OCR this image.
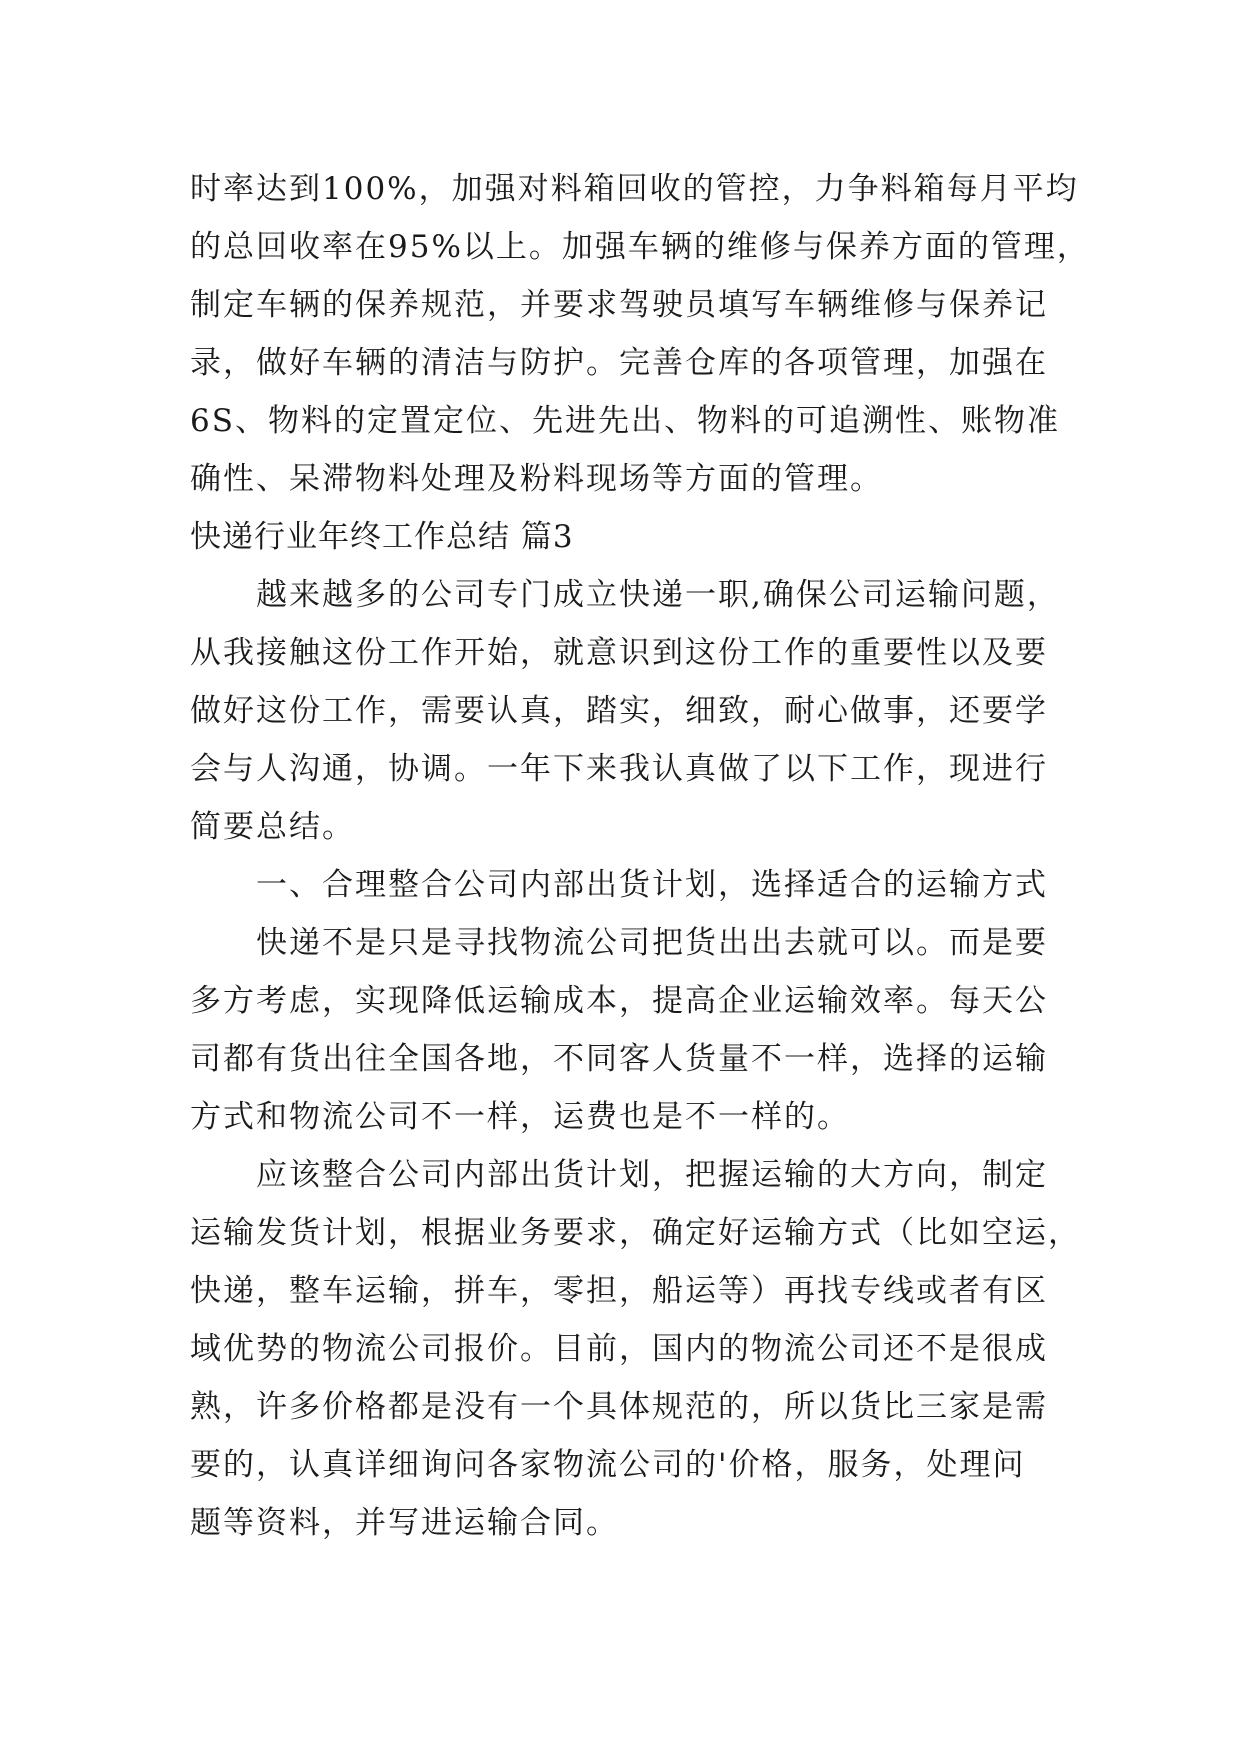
时率达到100%，加强对料箱回收的管控，力争料箱每月平均
的总回收率在95%以上。加强车辆的维修与保养方面的管理，
制定车辆的保养规范，并要求驾驶员填写车辆维修与保养记
录，做好车辆的清洁与防护。完善仓库的各项管理，加强在
6S、物料的定置定位、先进先出、物料的可追溯性、账物准
确性、呆滞物料处理及粉料现场等方面的管理。
快递行业年终工作总结 篇3
　　越来越多的公司专门成立快递一职,确保公司运输问题，
从我接触这份工作开始，就意识到这份工作的重要性以及要
做好这份工作，需要认真，踏实，细致，耐心做事，还要学
会与人沟通，协调。一年下来我认真做了以下工作，现进行
简要总结。
　　一、合理整合公司内部出货计划，选择适合的运输方式
　　快递不是只是寻找物流公司把货出出去就可以。而是要
多方考虑，实现降低运输成本，提高企业运输效率。每天公
司都有货出往全国各地，不同客人货量不一样，选择的运输
方式和物流公司不一样，运费也是不一样的。
　　应该整合公司内部出货计划，把握运输的大方向，制定
运输发货计划，根据业务要求，确定好运输方式（比如空运，
快递，整车运输，拼车，零担，船运等）再找专线或者有区
域优势的物流公司报价。目前，国内的物流公司还不是很成
熟，许多价格都是没有一个具体规范的，所以货比三家是需
要的，认真详细询问各家物流公司的'价格，服务，处理问
题等资料，并写进运输合同。
